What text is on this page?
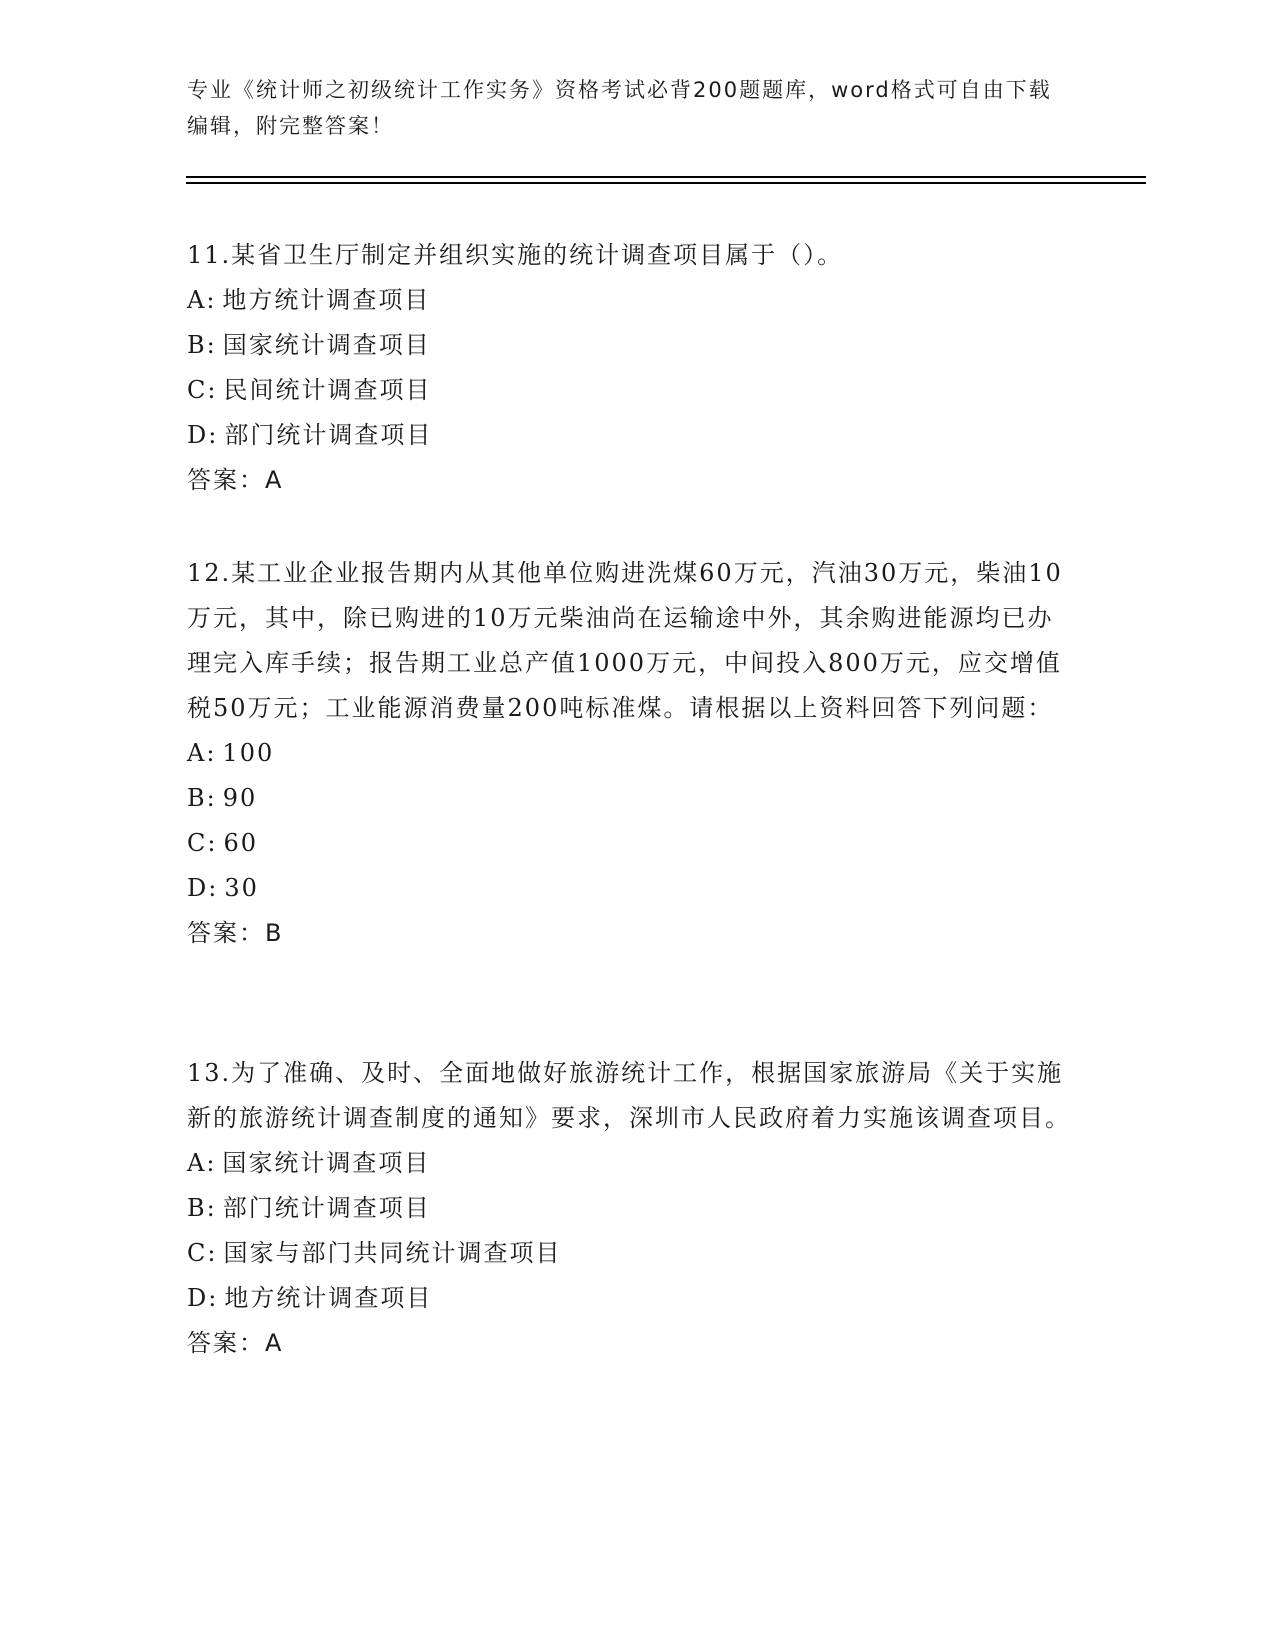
专业《统计师之初级统计工作实务》资格考试必背200题题库，word格式可自由下载编辑，附完整答案！

11.某省卫生厅制定并组织实施的统计调查项目属于（）。

A: 地方统计调查项目

B: 国家统计调查项目

C: 民间统计调查项目

D: 部门统计调查项目

答案：A

12.某工业企业报告期内从其他单位购进洗煤60万元，汽油30万元，柴油10万元，其中，除已购进的10万元柴油尚在运输途中外，其余购进能源均已办理完入库手续；报告期工业总产值1000万元，中间投入800万元，应交增值税50万元；工业能源消费量200吨标准煤。请根据以上资料回答下列问题：

A: 100

B: 90

C: 60

D: 30

答案：B

13.为了准确、及时、全面地做好旅游统计工作，根据国家旅游局《关于实施新的旅游统计调查制度的通知》要求，深圳市人民政府着力实施该调查项目。

A: 国家统计调查项目

B: 部门统计调查项目

C: 国家与部门共同统计调查项目

D: 地方统计调查项目

答案：A
